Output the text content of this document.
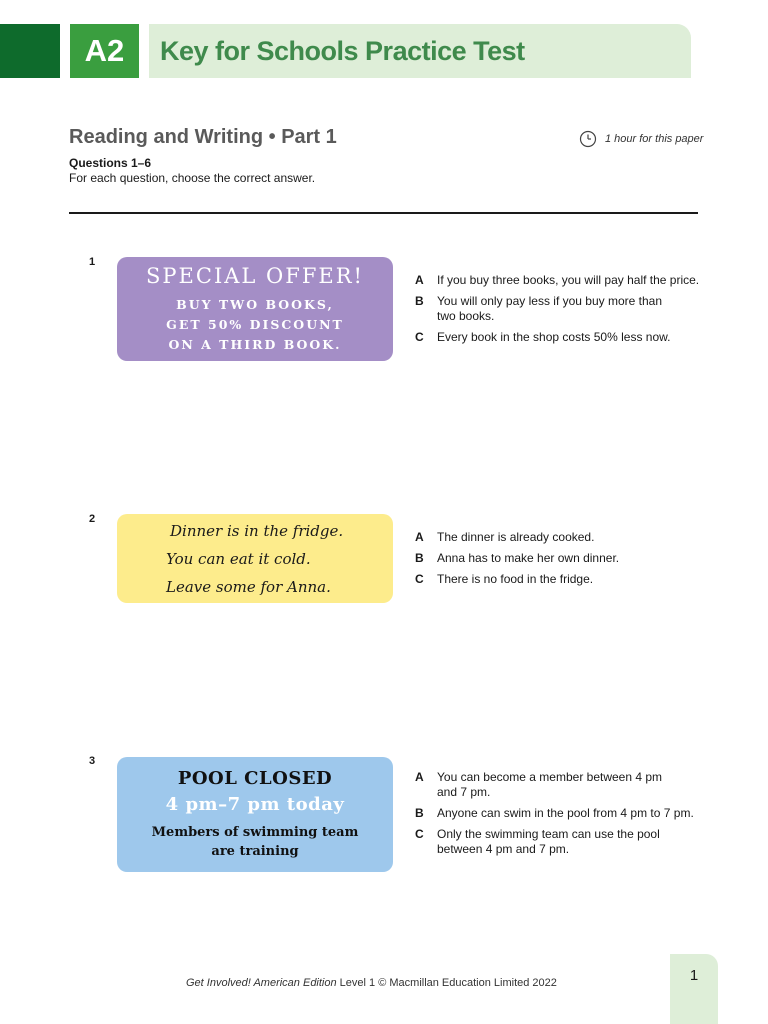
A2	Key for Schools Practice Test
Reading and Writing • Part 1	1 hour for this paper
Questions 1–6
For each question, choose the correct answer.
1
SPECIAL OFFER!
BUY TWO BOOKS,
GET 50% DISCOUNT
ON A THIRD BOOK.
A	If you buy three books, you will pay half the price.
B	You will only pay less if you buy more than two books.
C	Every book in the shop costs 50% less now.
2
Dinner is in the fridge.
You can eat it cold.
Leave some for Anna.
A	The dinner is already cooked.
B	Anna has to make her own dinner.
C	There is no food in the fridge.
3
POOL CLOSED
4 pm–7 pm today
Members of swimming team
are training
A	You can become a member between 4 pm and 7 pm.
B	Anyone can swim in the pool from 4 pm to 7 pm.
C	Only the swimming team can use the pool between 4 pm and 7 pm.
Get Involved! American Edition Level 1 © Macmillan Education Limited 2022	1
